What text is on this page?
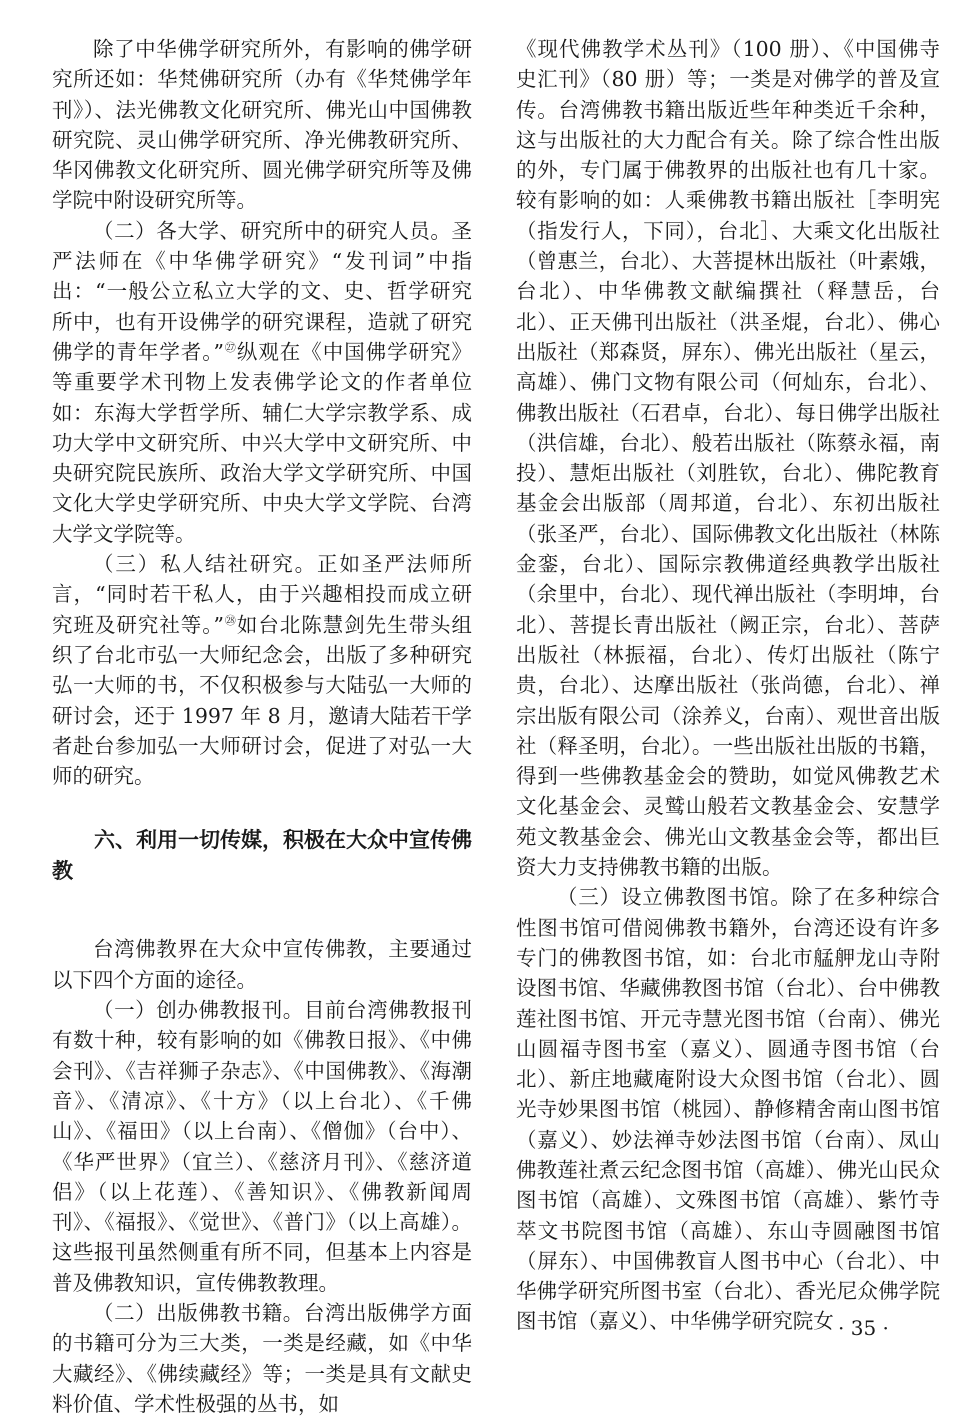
除了中华佛学研究所外，有影响的佛学研究所还如：华梵佛研究所（办有《华梵佛学年刊》）、法光佛教文化研究所、佛光山中国佛教研究院、灵山佛学研究所、净光佛教研究所、华冈佛教文化研究所、圆光佛学研究所等及佛学院中附设研究所等。

（二）各大学、研究所中的研究人员。圣严法师在《中华佛学研究》“发刊词”中指出：“一般公立私立大学的文、史、哲学研究所中，也有开设佛学的研究课程，造就了研究佛学的青年学者。”$^㉗$纵观在《中国佛学研究》等重要学术刊物上发表佛学论文的作者单位如：东海大学哲学所、辅仁大学宗教学系、成功大学中文研究所、中兴大学中文研究所、中央研究院民族所、政治大学文学研究所、中国文化大学史学研究所、中央大学文学院、台湾大学文学院等。

（三）私人结社研究。正如圣严法师所言，“同时若干私人，由于兴趣相投而成立研究班及研究社等。”$^㉘$如台北陈慧剑先生带头组织了台北市弘一大师纪念会，出版了多种研究弘一大师的书，不仅积极参与大陆弘一大师的研讨会，还于 1997 年 8 月，邀请大陆若干学者赴台参加弘一大师研讨会，促进了对弘一大师的研究。

六、利用一切传媒，积极在大众中宣传佛教

台湾佛教界在大众中宣传佛教，主要通过以下四个方面的途径。

（一）创办佛教报刊。目前台湾佛教报刊有数十种，较有影响的如《佛教日报》、《中佛会刊》、《吉祥狮子杂志》、《中国佛教》、《海潮音》、《清凉》、《十方》（以上台北）、《千佛山》、《福田》（以上台南）、《僧伽》（台中）、《华严世界》（宜兰）、《慈济月刊》、《慈济道侣》（以上花莲）、《善知识》、《佛教新闻周刊》、《福报》、《觉世》、《普门》（以上高雄）。这些报刊虽然侧重有所不同，但基本上内容是普及佛教知识，宣传佛教教理。

（二）出版佛教书籍。台湾出版佛学方面的书籍可分为三大类，一类是经藏，如《中华大藏经》、《佛续藏经》等；一类是具有文献史料价值、学术性极强的丛书，如

《现代佛教学术丛刊》（100 册）、《中国佛寺史汇刊》（80 册）等；一类是对佛学的普及宣传。台湾佛教书籍出版近些年种类近千余种，这与出版社的大力配合有关。除了综合性出版的外，专门属于佛教界的出版社也有几十家。较有影响的如：人乘佛教书籍出版社［李明宪（指发行人，下同），台北］、大乘文化出版社（曾惠兰，台北）、大菩提林出版社（叶素娥，台北）、中华佛教文献编撰社（释慧岳，台北）、正天佛刊出版社（洪圣焜，台北）、佛心出版社（郑森贤，屏东）、佛光出版社（星云，高雄）、佛门文物有限公司（何灿东，台北）、佛教出版社（石君卓，台北）、每日佛学出版社（洪信雄，台北）、般若出版社（陈蔡永福，南投）、慧炬出版社（刘胜钦，台北）、佛陀教育基金会出版部（周邦道，台北）、东初出版社（张圣严，台北）、国际佛教文化出版社（林陈金銮，台北）、国际宗教佛道经典教学出版社（余里中，台北）、现代禅出版社（李明坤，台北）、菩提长青出版社（阙正宗，台北）、菩萨出版社（林振福，台北）、传灯出版社（陈宁贵，台北）、达摩出版社（张尚德，台北）、禅宗出版有限公司（涂养义，台南）、观世音出版社（释圣明，台北）。一些出版社出版的书籍，得到一些佛教基金会的赞助，如觉风佛教艺术文化基金会、灵鹫山般若文教基金会、安慧学苑文教基金会、佛光山文教基金会等，都出巨资大力支持佛教书籍的出版。

（三）设立佛教图书馆。除了在多种综合性图书馆可借阅佛教书籍外，台湾还设有许多专门的佛教图书馆，如：台北市艋舺龙山寺附设图书馆、华藏佛教图书馆（台北）、台中佛教莲社图书馆、开元寺慧光图书馆（台南）、佛光山圆福寺图书室（嘉义）、圆通寺图书馆（台北）、新庄地藏庵附设大众图书馆（台北）、圆光寺妙果图书馆（桃园）、静修精舍南山图书馆（嘉义）、妙法禅寺妙法图书馆（台南）、凤山佛教莲社煮云纪念图书馆（高雄）、佛光山民众图书馆（高雄）、文殊图书馆（高雄）、紫竹寺萃文书院图书馆（高雄）、东山寺圆融图书馆（屏东）、中国佛教盲人图书中心（台北）、中华佛学研究所图书室（台北）、香光尼众佛学院图书馆（嘉义）、中华佛学研究院女 · 35 ·
